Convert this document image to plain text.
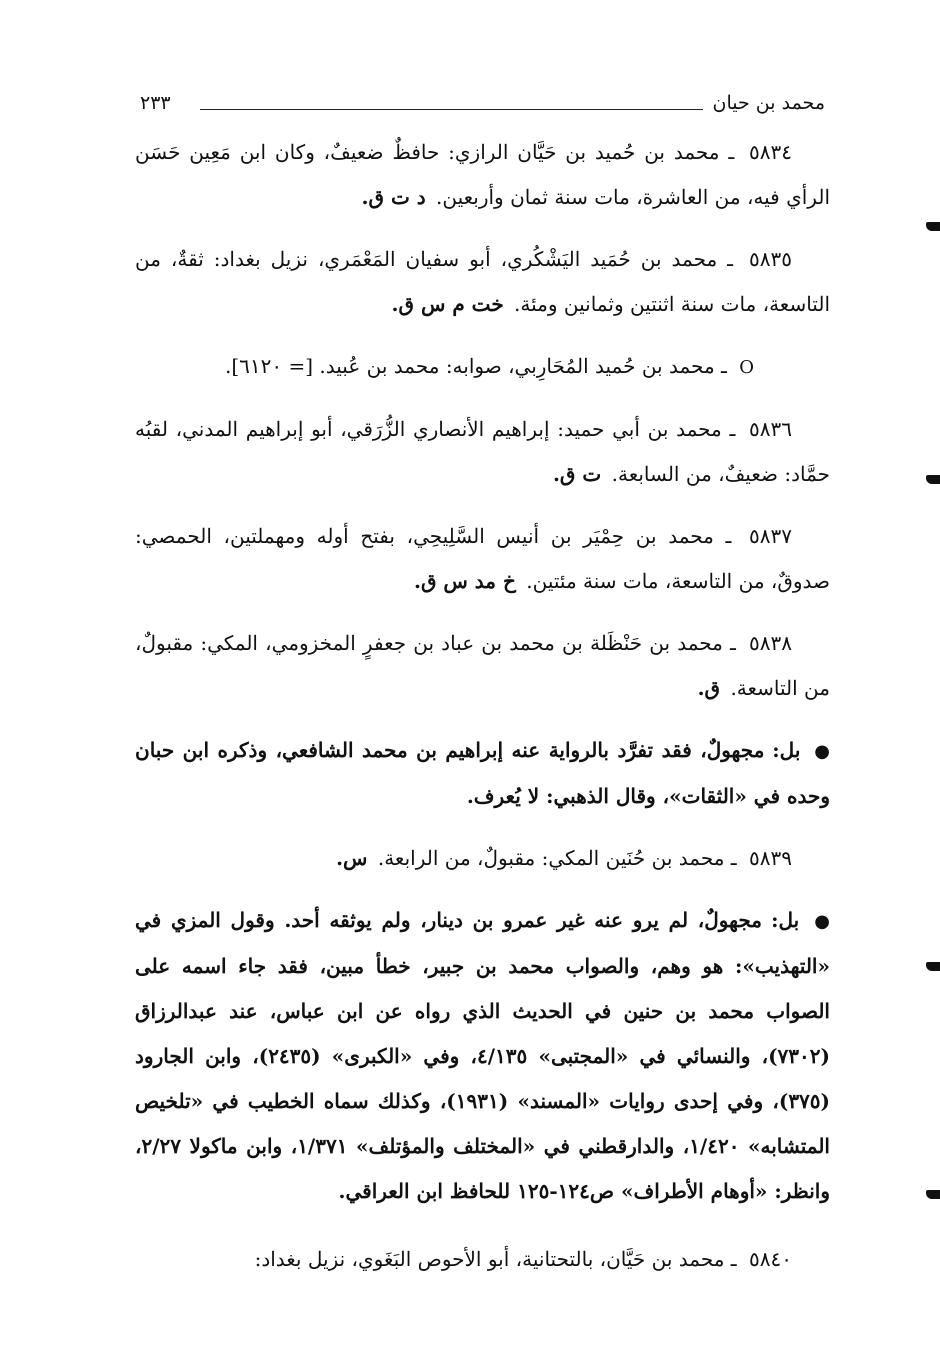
محمد بن حيان
٢٣٣

٥٨٣٤ ـ محمد بن حُميد بن حَيَّان الرازي: حافظٌ ضعيفٌ، وكان ابن مَعِين حَسَن الرأي فيه، من العاشرة، مات سنة ثمان وأربعين. د ت ق.

٥٨٣٥ ـ محمد بن حُمَيد اليَشْكُري، أبو سفيان المَعْمَري، نزيل بغداد: ثقةٌ، من التاسعة، مات سنة اثنتين وثمانين ومئة. خت م س ق.

O ـ محمد بن حُميد المُحَارِبي، صوابه: محمد بن عُبيد. [= ٦١٢٠].

٥٨٣٦ ـ محمد بن أبي حميد: إبراهيم الأنصاري الزُّرَقي، أبو إبراهيم المدني، لقبُه حمَّاد: ضعيفٌ، من السابعة. ت ق.

٥٨٣٧ ـ محمد بن حِمْيَر بن أنيس السَّلِيحِي، بفتح أوله ومهملتين، الحمصي: صدوقٌ، من التاسعة، مات سنة مئتين. خ مد س ق.

٥٨٣٨ ـ محمد بن حَنْظَلة بن محمد بن عباد بن جعفرٍ المخزومي، المكي: مقبولٌ، من التاسعة. ق.

● بل: مجهولٌ، فقد تفرَّد بالرواية عنه إبراهيم بن محمد الشافعي، وذكره ابن حبان وحده في «الثقات»، وقال الذهبي: لا يُعرف.

٥٨٣٩ ـ محمد بن حُنَين المكي: مقبولٌ، من الرابعة. س.

● بل: مجهولٌ، لم يرو عنه غير عمرو بن دينار، ولم يوثقه أحد. وقول المزي في «التهذيب»: هو وهم، والصواب محمد بن جبير، خطأ مبين، فقد جاء اسمه على الصواب محمد بن حنين في الحديث الذي رواه عن ابن عباس، عند عبدالرزاق (٧٣٠٢)، والنسائي في «المجتبى» ٤/١٣٥، وفي «الكبرى» (٢٤٣٥)، وابن الجارود (٣٧٥)، وفي إحدى روايات «المسند» (١٩٣١)، وكذلك سماه الخطيب في «تلخيص المتشابه» ١/٤٢٠، والدارقطني في «المختلف والمؤتلف» ١/٣٧١، وابن ماكولا ٢/٢٧، وانظر: «أوهام الأطراف» ص١٢٤-١٢٥ للحافظ ابن العراقي.

٥٨٤٠ ـ محمد بن حَيَّان، بالتحتانية، أبو الأحوص البَغَوي، نزيل بغداد:
